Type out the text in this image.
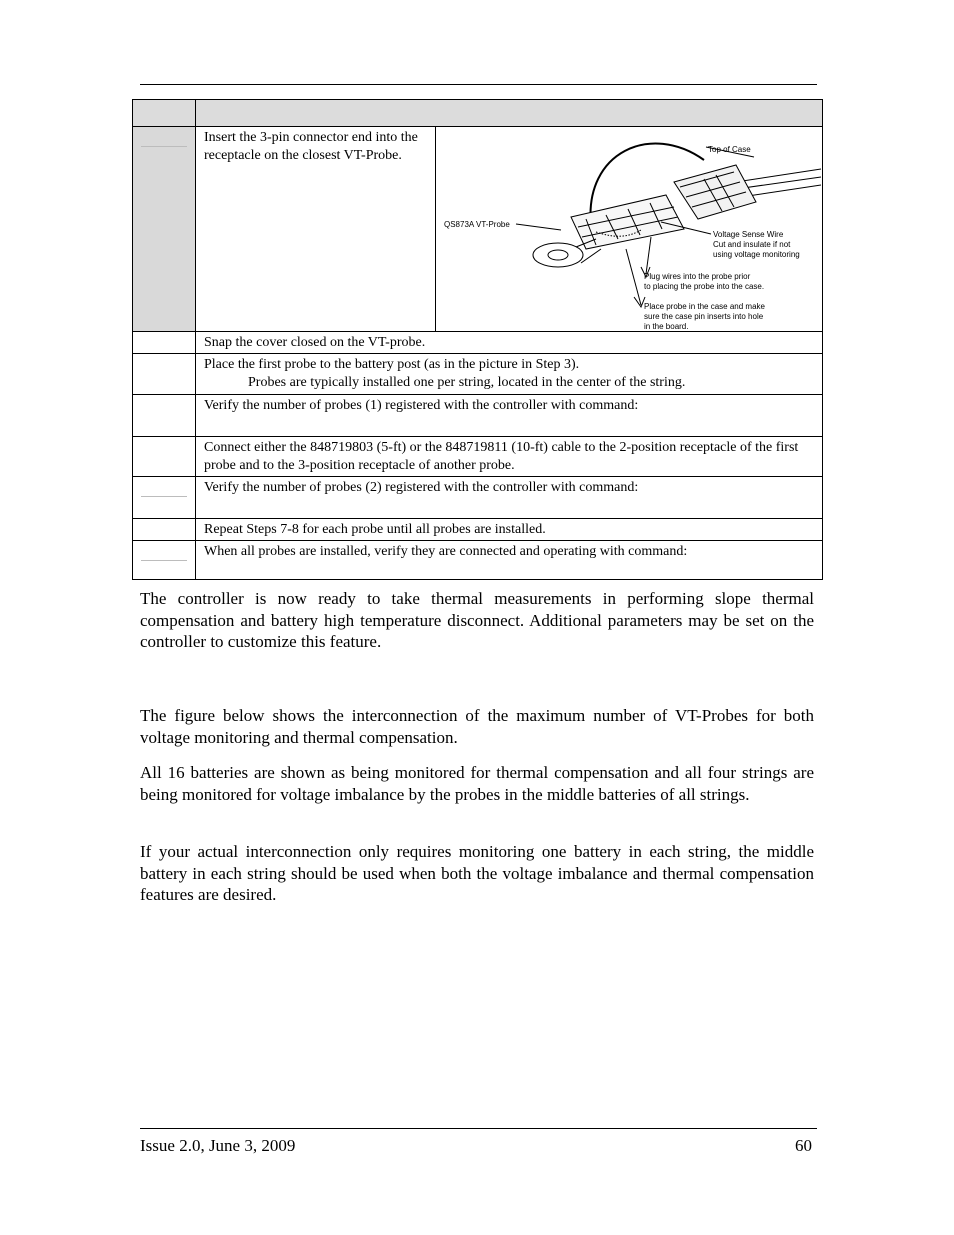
Insert the 3-pin connector end into the receptacle on the closest VT-Probe.	Top of Case
QS873A VT-Probe
Voltage Sense Wire
Cut and insulate if not
using voltage monitoring
Plug wires into the probe prior
to placing the probe into the case.
Place probe in the case and make
sure the case pin inserts into hole
in the board.
Snap the cover closed on the VT-probe.
Place the first probe to the battery post (as in the picture in Step 3).
Probes are typically installed one per string, located in the center of the string.
Verify the number of probes (1) registered with the controller with command:
Connect either the 848719803 (5-ft) or the 848719811 (10-ft) cable to the 2-position receptacle of the first probe and to the 3-position receptacle of another probe.
Verify the number of probes (2) registered with the controller with command:
Repeat Steps 7-8 for each probe until all probes are installed.
When all probes are installed, verify they are connected and operating with command:

The controller is now ready to take thermal measurements in performing slope thermal compensation and battery high temperature disconnect. Additional parameters may be set on the controller to customize this feature.

The figure below shows the interconnection of the maximum number of VT-Probes for both voltage monitoring and thermal compensation.

All 16 batteries are shown as being monitored for thermal compensation and all four strings are being monitored for voltage imbalance by the probes in the middle batteries of all strings.

If your actual interconnection only requires monitoring one battery in each string, the middle battery in each string should be used when both the voltage imbalance and thermal compensation features are desired.

Issue 2.0, June 3, 2009	60
